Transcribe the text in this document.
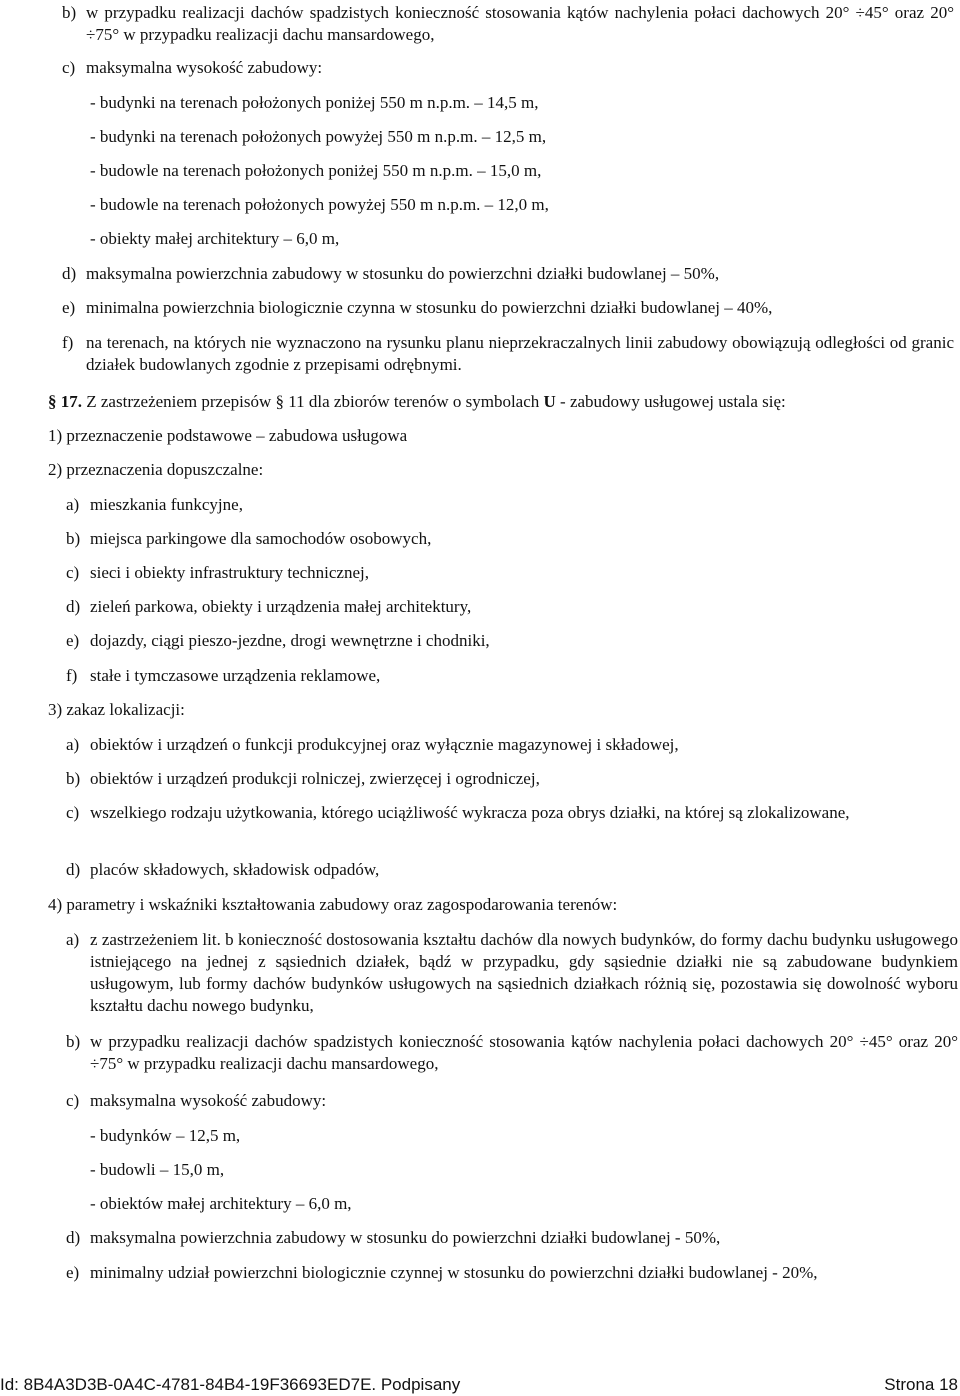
b) w przypadku realizacji dachów spadzistych konieczność stosowania kątów nachylenia połaci dachowych 20° ÷45° oraz 20° ÷75° w przypadku realizacji dachu mansardowego,
c) maksymalna wysokość zabudowy:
- budynki na terenach położonych poniżej 550 m n.p.m. – 14,5 m,
- budynki na terenach położonych powyżej 550 m n.p.m. – 12,5 m,
- budowle na terenach położonych poniżej 550 m n.p.m. – 15,0 m,
- budowle na terenach położonych powyżej 550 m n.p.m. – 12,0 m,
- obiekty małej architektury – 6,0 m,
d) maksymalna powierzchnia zabudowy w stosunku do powierzchni działki budowlanej – 50%,
e) minimalna powierzchnia biologicznie czynna w stosunku do powierzchni działki budowlanej – 40%,
f) na terenach, na których nie wyznaczono na rysunku planu nieprzekraczalnych linii zabudowy obowiązują odległości od granic działek budowlanych zgodnie z przepisami odrębnymi.
§ 17. Z zastrzeżeniem przepisów § 11 dla zbiorów terenów o symbolach U - zabudowy usługowej ustala się:
1) przeznaczenie podstawowe – zabudowa usługowa
2) przeznaczenia dopuszczalne:
a) mieszkania funkcyjne,
b) miejsca parkingowe dla samochodów osobowych,
c) sieci i obiekty infrastruktury technicznej,
d) zieleń parkowa, obiekty i urządzenia małej architektury,
e) dojazdy, ciągi pieszo-jezdne, drogi wewnętrzne i chodniki,
f) stałe i tymczasowe urządzenia reklamowe,
3) zakaz lokalizacji:
a) obiektów i urządzeń o funkcji produkcyjnej oraz wyłącznie magazynowej i składowej,
b) obiektów i urządzeń produkcji rolniczej, zwierzęcej i ogrodniczej,
c) wszelkiego rodzaju użytkowania, którego uciążliwość wykracza poza obrys działki, na której są zlokalizowane,
d) placów składowych, składowisk odpadów,
4) parametry i wskaźniki kształtowania zabudowy oraz zagospodarowania terenów:
a) z zastrzeżeniem lit. b konieczność dostosowania kształtu dachów dla nowych budynków, do formy dachu budynku usługowego istniejącego na jednej z sąsiednich działek, bądź w przypadku, gdy sąsiednie działki nie są zabudowane budynkiem usługowym, lub formy dachów budynków usługowych na sąsiednich działkach różnią się, pozostawia się dowolność wyboru kształtu dachu nowego budynku,
b) w przypadku realizacji dachów spadzistych konieczność stosowania kątów nachylenia połaci dachowych 20° ÷45° oraz 20° ÷75° w przypadku realizacji dachu mansardowego,
c) maksymalna wysokość zabudowy:
- budynków – 12,5 m,
- budowli – 15,0 m,
- obiektów małej architektury – 6,0 m,
d) maksymalna powierzchnia zabudowy w stosunku do powierzchni działki budowlanej - 50%,
e) minimalny udział powierzchni biologicznie czynnej w stosunku do powierzchni działki budowlanej - 20%,
Id: 8B4A3D3B-0A4C-4781-84B4-19F36693ED7E. Podpisany	Strona 18
